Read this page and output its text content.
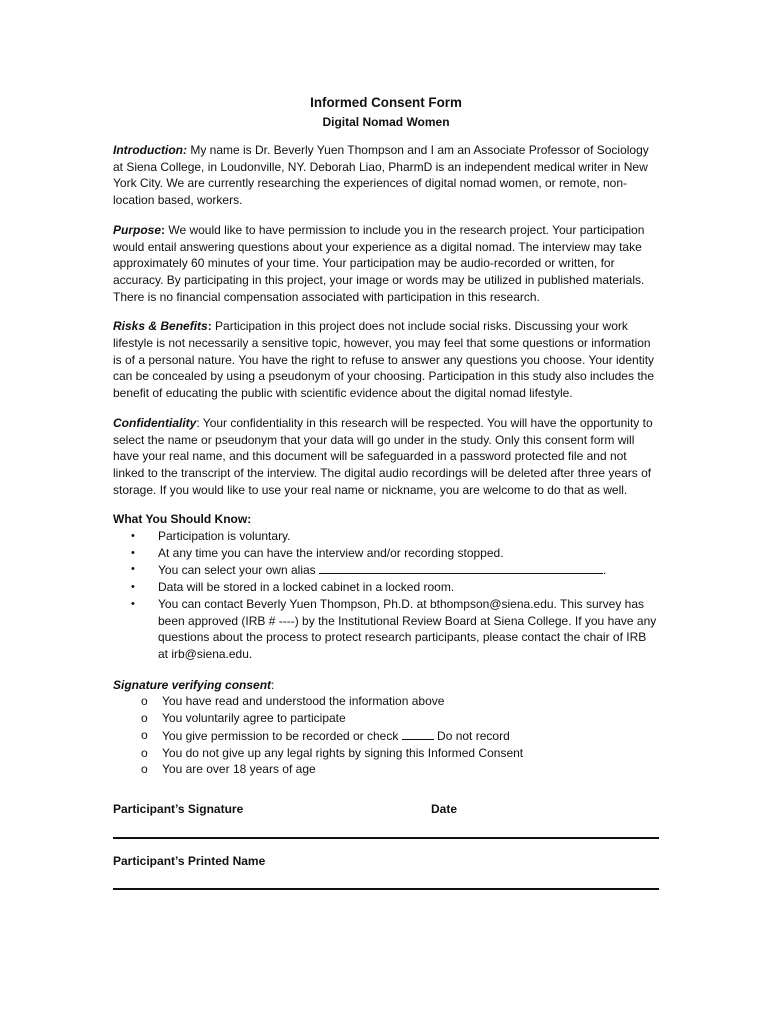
Informed Consent Form

Digital Nomad Women

Introduction: My name is Dr. Beverly Yuen Thompson and I am an Associate Professor of Sociology at Siena College, in Loudonville, NY. Deborah Liao, PharmD is an independent medical writer in New York City. We are currently researching the experiences of digital nomad women, or remote, non-location based, workers.

Purpose: We would like to have permission to include you in the research project. Your participation would entail answering questions about your experience as a digital nomad. The interview may take approximately 60 minutes of your time. Your participation may be audio-recorded or written, for accuracy. By participating in this project, your image or words may be utilized in published materials. There is no financial compensation associated with participation in this research.

Risks & Benefits: Participation in this project does not include social risks. Discussing your work lifestyle is not necessarily a sensitive topic, however, you may feel that some questions or information is of a personal nature. You have the right to refuse to answer any questions you choose. Your identity can be concealed by using a pseudonym of your choosing. Participation in this study also includes the benefit of educating the public with scientific evidence about the digital nomad lifestyle.

Confidentiality: Your confidentiality in this research will be respected. You will have the opportunity to select the name or pseudonym that your data will go under in the study. Only this consent form will have your real name, and this document will be safeguarded in a password protected file and not linked to the transcript of the interview. The digital audio recordings will be deleted after three years of storage. If you would like to use your real name or nickname, you are welcome to do that as well.

What You Should Know:

• Participation is voluntary.
• At any time you can have the interview and/or recording stopped.
• You can select your own alias	.
• Data will be stored in a locked cabinet in a locked room.
• You can contact Beverly Yuen Thompson, Ph.D. at bthompson@siena.edu. This survey has been approved (IRB # ----) by the Institutional Review Board at Siena College. If you have any questions about the process to protect research participants, please contact the chair of IRB at irb@siena.edu.

Signature verifying consent:

o You have read and understood the information above
o You voluntarily agree to participate
o You give permission to be recorded or check	Do not record
o You do not give up any legal rights by signing this Informed Consent
o You are over 18 years of age
Participant’s Signature	Date
Participant’s Printed Name
